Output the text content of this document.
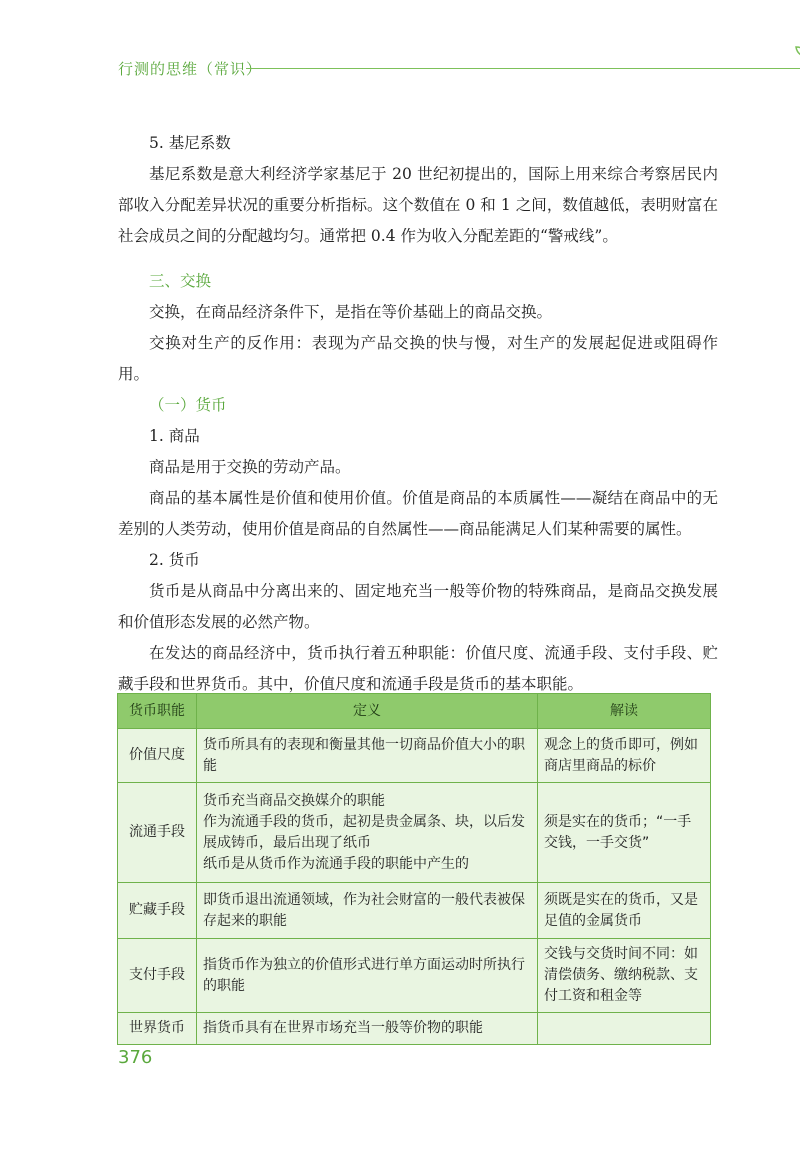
行测的思维（常识）

5. 基尼系数

基尼系数是意大利经济学家基尼于 20 世纪初提出的，国际上用来综合考察居民内部收入分配差异状况的重要分析指标。这个数值在 0 和 1 之间，数值越低，表明财富在社会成员之间的分配越均匀。通常把 0.4 作为收入分配差距的“警戒线”。

三、交换

交换，在商品经济条件下，是指在等价基础上的商品交换。

交换对生产的反作用：表现为产品交换的快与慢，对生产的发展起促进或阻碍作用。

（一）货币

1. 商品

商品是用于交换的劳动产品。

商品的基本属性是价值和使用价值。价值是商品的本质属性——凝结在商品中的无差别的人类劳动，使用价值是商品的自然属性——商品能满足人们某种需要的属性。

2. 货币

货币是从商品中分离出来的、固定地充当一般等价物的特殊商品，是商品交换发展和价值形态发展的必然产物。

在发达的商品经济中，货币执行着五种职能：价值尺度、流通手段、支付手段、贮藏手段和世界货币。其中，价值尺度和流通手段是货币的基本职能。

货币职能	定义	解读
价值尺度	货币所具有的表现和衡量其他一切商品价值大小的职能	观念上的货币即可，例如商店里商品的标价
流通手段	货币充当商品交换媒介的职能
作为流通手段的货币，起初是贵金属条、块，以后发展成铸币，最后出现了纸币
纸币是从货币作为流通手段的职能中产生的	须是实在的货币；“一手交钱，一手交货”
贮藏手段	即货币退出流通领域，作为社会财富的一般代表被保存起来的职能	须既是实在的货币，又是足值的金属货币
支付手段	指货币作为独立的价值形式进行单方面运动时所执行的职能	交钱与交货时间不同：如清偿债务、缴纳税款、支付工资和租金等
世界货币	指货币具有在世界市场充当一般等价物的职能	

376
